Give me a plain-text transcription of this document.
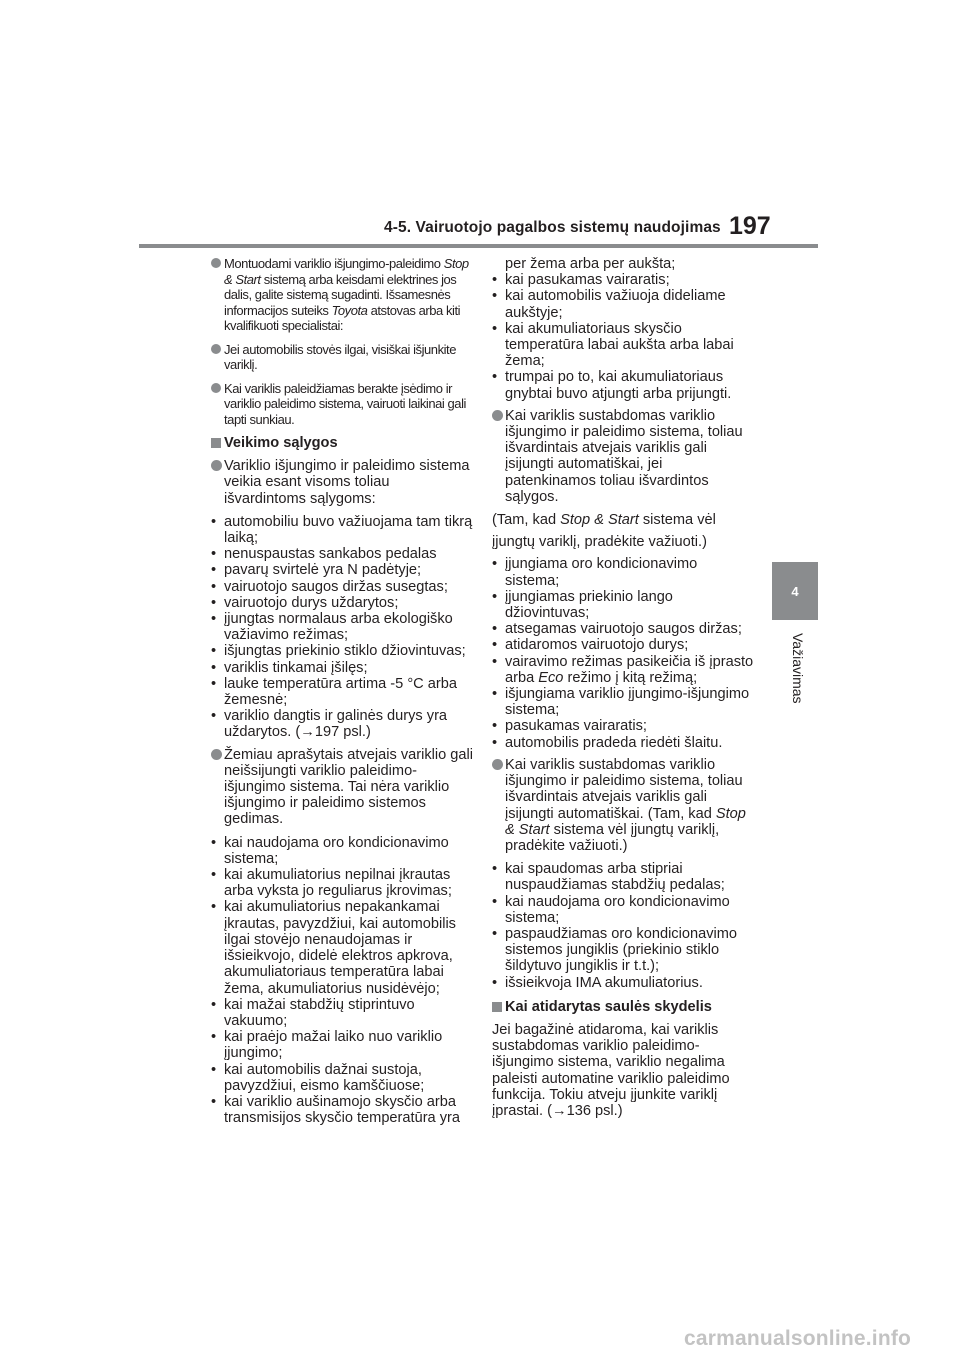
4-5. Vairuotojo pagalbos sistemų naudojimas 197
4
Važiavimas
Montuodami variklio išjungimo-paleidimo Stop & Start sistemą arba keisdami elektrines jos dalis, galite sistemą sugadinti. Išsamesnės informacijos suteiks Toyota atstovas arba kiti kvalifikuoti specialistai:
Jei automobilis stovės ilgai, visiškai išjunkite variklį.
Kai variklis paleidžiamas berakte įsėdimo ir variklio paleidimo sistema, vairuoti laikinai gali tapti sunkiau.
Veikimo sąlygos
Variklio išjungimo ir paleidimo sistema veikia esant visoms toliau išvardintoms sąlygoms:
• automobiliu buvo važiuojama tam tikrą laiką;
• nenuspaustas sankabos pedalas
• pavarų svirtelė yra N padėtyje;
• vairuotojo saugos diržas susegtas;
• vairuotojo durys uždarytos;
• įjungtas normalaus arba ekologiško važiavimo režimas;
• išjungtas priekinio stiklo džiovintuvas;
• variklis tinkamai įšilęs;
• lauke temperatūra artima -5 °C arba žemesnė;
• variklio dangtis ir galinės durys yra uždarytos. (→197 psl.)
Žemiau aprašytais atvejais variklio gali neišsijungti variklio paleidimo-išjungimo sistema. Tai nėra variklio išjungimo ir paleidimo sistemos gedimas.
• kai naudojama oro kondicionavimo sistema;
• kai akumuliatorius nepilnai įkrautas arba vyksta jo reguliarus įkrovimas;
• kai akumuliatorius nepakankamai įkrautas, pavyzdžiui, kai automobilis ilgai stovėjo nenaudojamas ir išsieikvojo, didelė elektros apkrova, akumuliatoriaus temperatūra labai žema, akumuliatorius nusidėvėjo;
• kai mažai stabdžių stiprintuvo vakuumo;
• kai praėjo mažai laiko nuo variklio įjungimo;
• kai automobilis dažnai sustoja, pavyzdžiui, eismo kamščiuose;
• kai variklio aušinamojo skysčio arba transmisijos skysčio temperatūra yra
per žema arba per aukšta;
• kai pasukamas vairaratis;
• kai automobilis važiuoja dideliame aukštyje;
• kai akumuliatoriaus skysčio temperatūra labai aukšta arba labai žema;
• trumpai po to, kai akumuliatoriaus gnybtai buvo atjungti arba prijungti.
Kai variklis sustabdomas variklio išjungimo ir paleidimo sistema, toliau išvardintais atvejais variklis gali įsijungti automatiškai, jei patenkinamos toliau išvardintos sąlygos.
(Tam, kad Stop & Start sistema vėl
įjungtų variklį, pradėkite važiuoti.)
• įjungiama oro kondicionavimo sistema;
• įjungiamas priekinio lango džiovintuvas;
• atsegamas vairuotojo saugos diržas;
• atidaromos vairuotojo durys;
• vairavimo režimas pasikeičia iš įprasto arba Eco režimo į kitą režimą;
• išjungiama variklio įjungimo-išjungimo sistema;
• pasukamas vairaratis;
• automobilis pradeda riedėti šlaitu.
Kai variklis sustabdomas variklio išjungimo ir paleidimo sistema, toliau išvardintais atvejais variklis gali įsijungti automatiškai. (Tam, kad Stop & Start sistema vėl įjungtų variklį, pradėkite važiuoti.)
• kai spaudomas arba stipriai nuspaudžiamas stabdžių pedalas;
• kai naudojama oro kondicionavimo sistema;
• paspaudžiamas oro kondicionavimo sistemos jungiklis (priekinio stiklo šildytuvo jungiklis ir t.t.);
• išsieikvoja IMA akumuliatorius.
Kai atidarytas saulės skydelis
Jei bagažinė atidaroma, kai variklis sustabdomas variklio paleidimo-išjungimo sistema, variklio negalima paleisti automatine variklio paleidimo funkcija. Tokiu atveju įjunkite variklį įprastai. (→136 psl.)
carmanualsonline.info
